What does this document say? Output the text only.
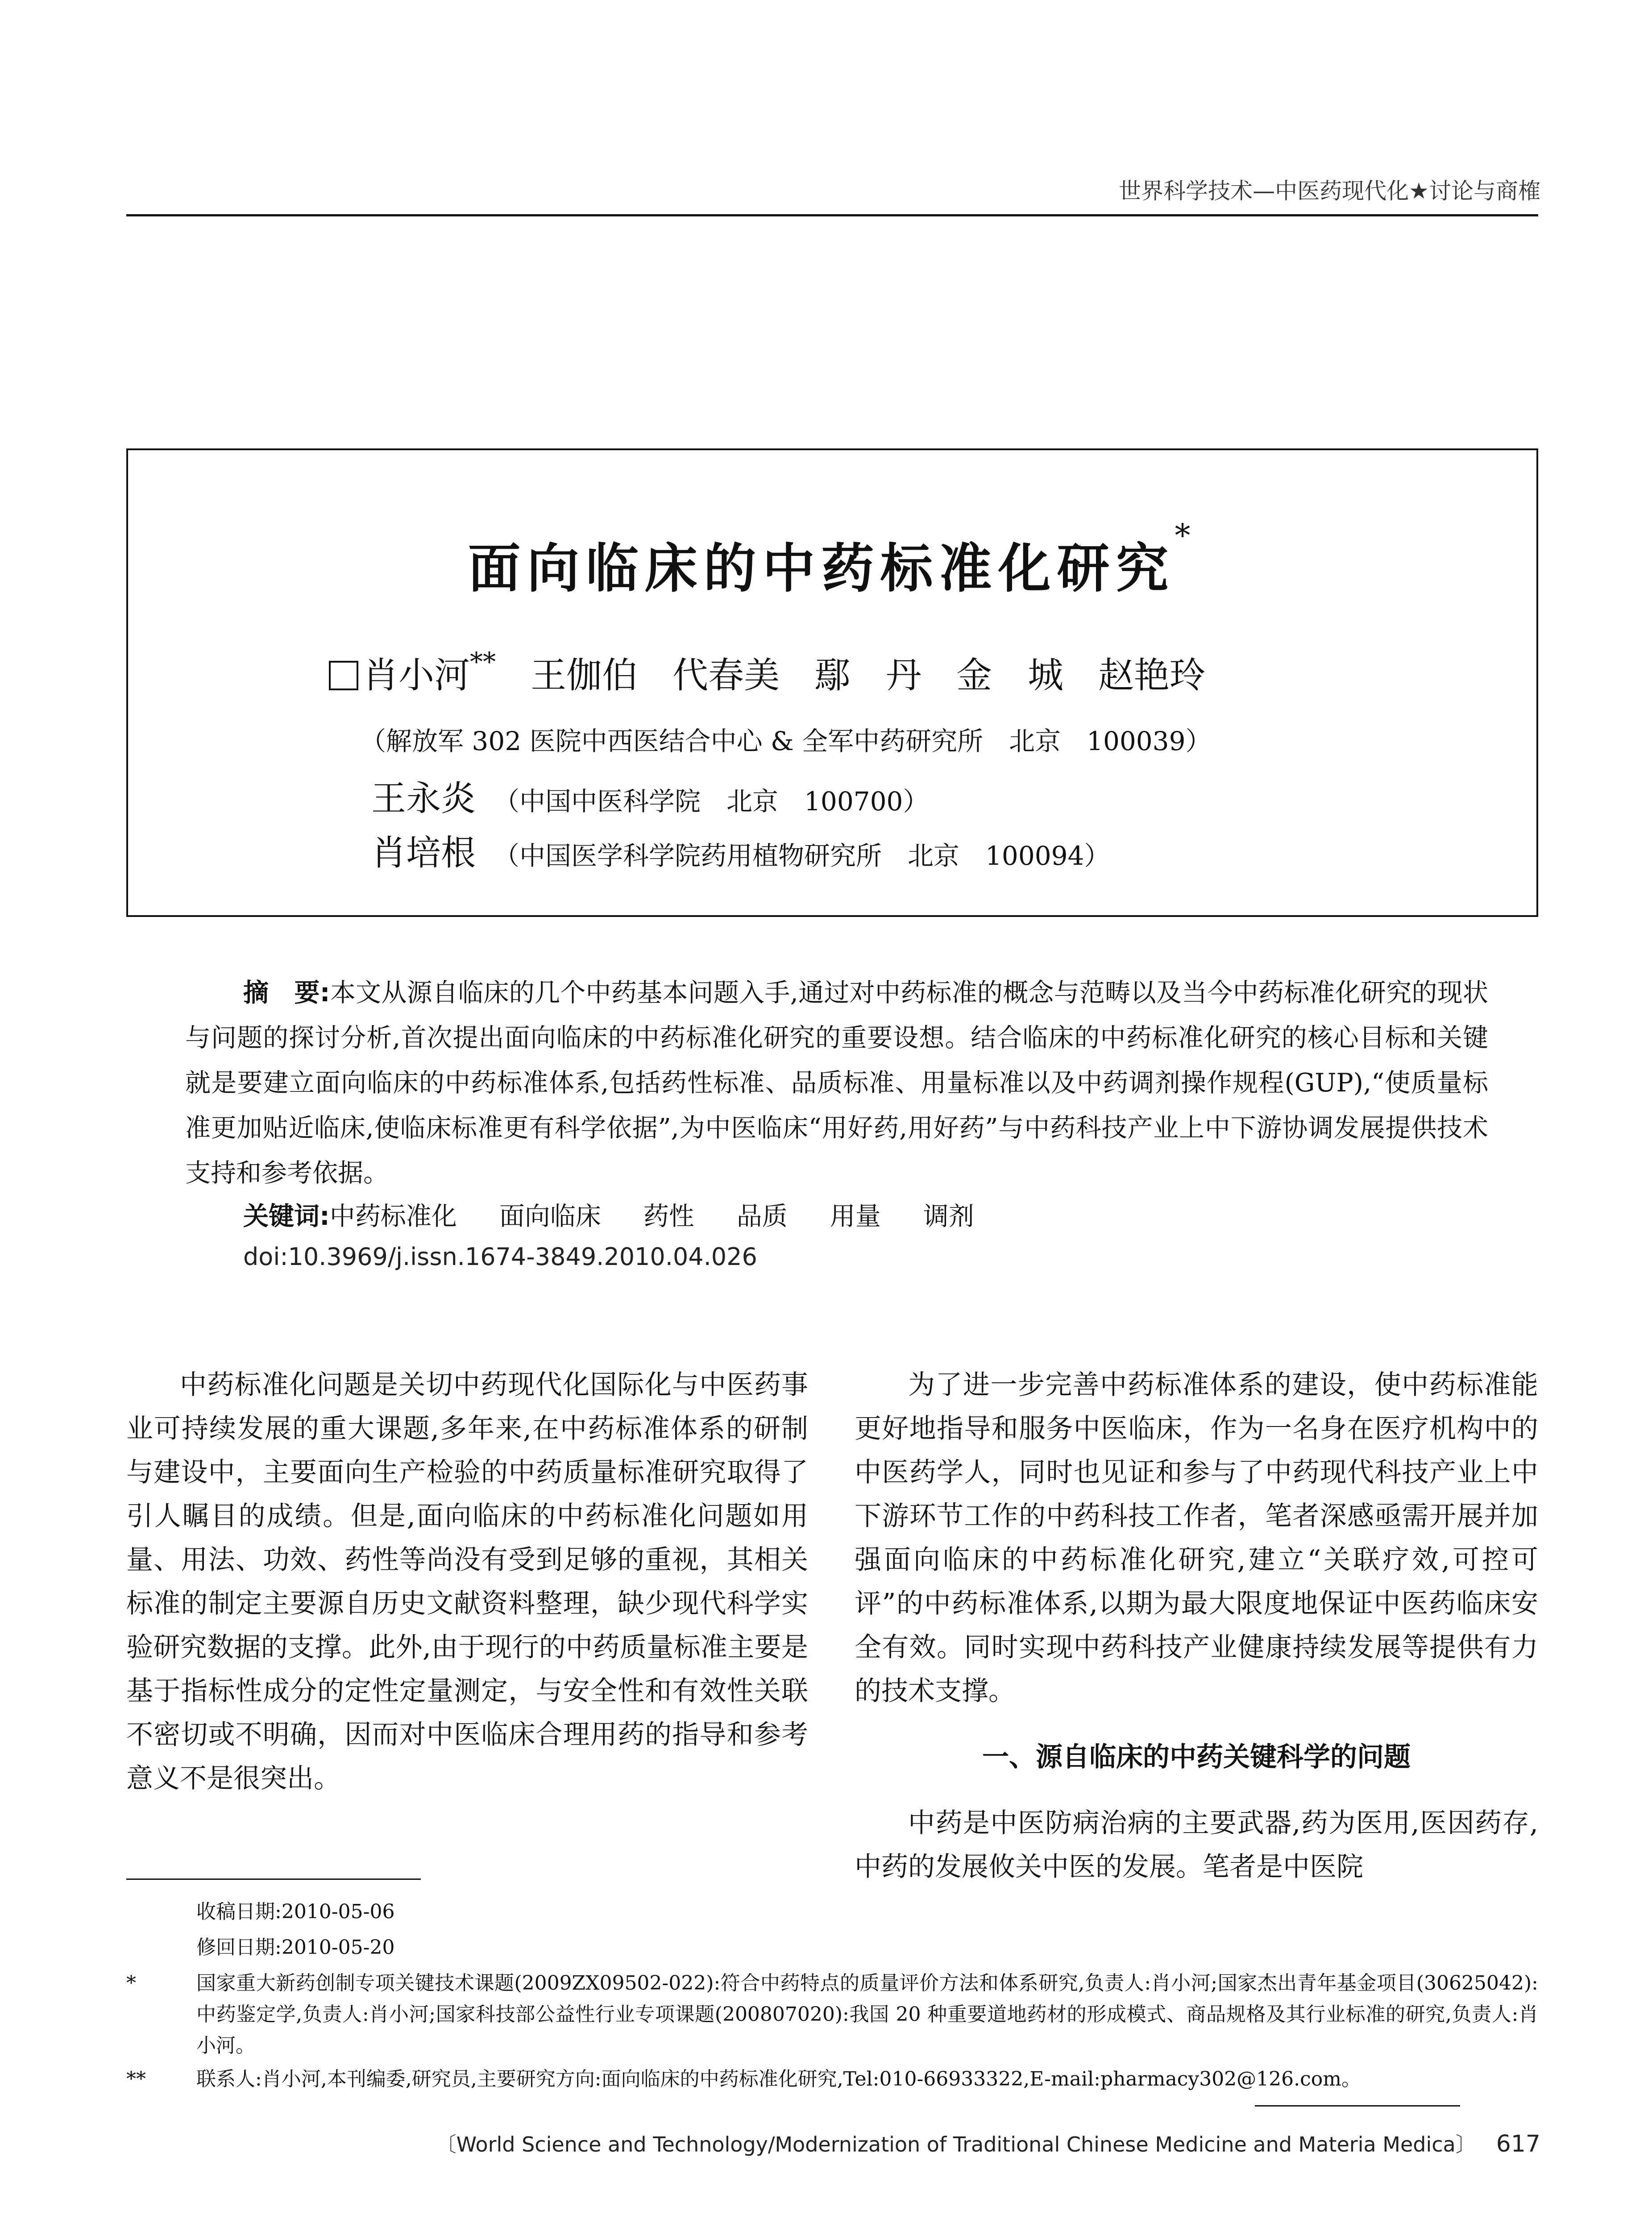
世界科学技术—中医药现代化★讨论与商榷
面向临床的中药标准化研究*
肖小河** 王伽伯 代春美 鄢　丹 金　城 赵艳玲
（解放军 302 医院中西医结合中心 & 全军中药研究所　北京　100039）
王永炎 （中国中医科学院　北京　100700）
肖培根 （中国医学科学院药用植物研究所　北京　100094）
摘　要:本文从源自临床的几个中药基本问题入手,通过对中药标准的概念与范畴以及当今中药标准化研究的现状与问题的探讨分析,首次提出面向临床的中药标准化研究的重要设想。结合临床的中药标准化研究的核心目标和关键就是要建立面向临床的中药标准体系,包括药性标准、品质标准、用量标准以及中药调剂操作规程(GUP),“使质量标准更加贴近临床,使临床标准更有科学依据”,为中医临床“用好药,用好药”与中药科技产业上中下游协调发展提供技术支持和参考依据。
关键词:中药标准化 面向临床 药性 品质 用量 调剂
doi:10.3969/j.issn.1674-3849.2010.04.026

中药标准化问题是关切中药现代化国际化与中医药事业可持续发展的重大课题,多年来,在中药标准体系的研制与建设中，主要面向生产检验的中药质量标准研究取得了引人瞩目的成绩。但是,面向临床的中药标准化问题如用量、用法、功效、药性等尚没有受到足够的重视，其相关标准的制定主要源自历史文献资料整理，缺少现代科学实验研究数据的支撑。此外,由于现行的中药质量标准主要是基于指标性成分的定性定量测定，与安全性和有效性关联不密切或不明确，因而对中医临床合理用药的指导和参考意义不是很突出。

为了进一步完善中药标准体系的建设，使中药标准能更好地指导和服务中医临床，作为一名身在医疗机构中的中医药学人，同时也见证和参与了中药现代科技产业上中下游环节工作的中药科技工作者，笔者深感亟需开展并加强面向临床的中药标准化研究,建立“关联疗效,可控可评”的中药标准体系,以期为最大限度地保证中医药临床安全有效。同时实现中药科技产业健康持续发展等提供有力的技术支撑。

一、源自临床的中药关键科学的问题

中药是中医防病治病的主要武器,药为医用,医因药存,中药的发展攸关中医的发展。笔者是中医院

收稿日期:2010-05-06
修回日期:2010-05-20
*	国家重大新药创制专项关键技术课题(2009ZX09502-022):符合中药特点的质量评价方法和体系研究,负责人:肖小河;国家杰出青年基金项目(30625042):中药鉴定学,负责人:肖小河;国家科技部公益性行业专项课题(200807020):我国 20 种重要道地药材的形成模式、商品规格及其行业标准的研究,负责人:肖小河。
**	联系人:肖小河,本刊编委,研究员,主要研究方向:面向临床的中药标准化研究,Tel:010-66933322,E-mail:pharmacy302@126.com。
〔World Science and Technology/Modernization of Traditional Chinese Medicine and Materia Medica〕 617
